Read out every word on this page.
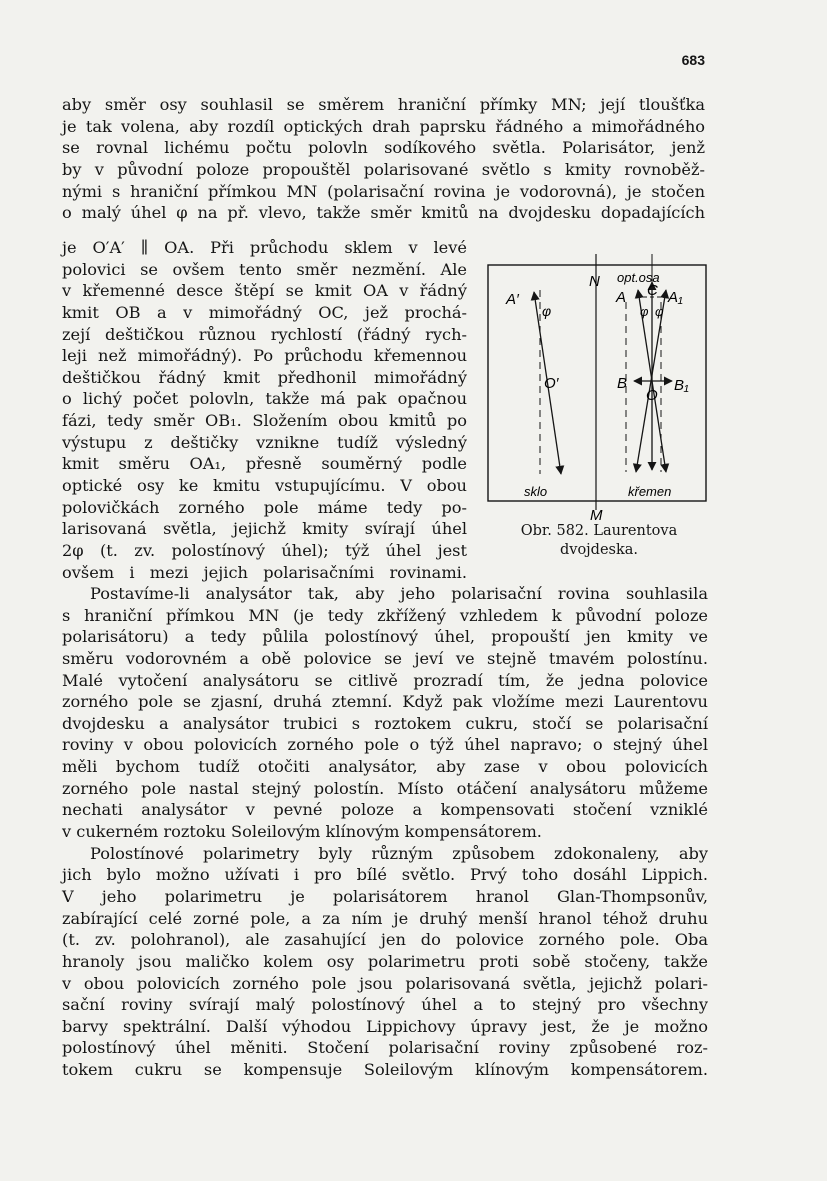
683
aby směr osy souhlasil se směrem hraniční přímky MN; její tloušťka
je tak volena, aby rozdíl optických drah paprsku řádného a mimořádného
se rovnal lichému počtu polovln sodíkového světla. Polarisátor, jenž
by v původní poloze propouštěl polarisované světlo s kmity rovnoběž-
nými s hraniční přímkou MN (polarisační rovina je vodorovná), je stočen
o malý úhel φ na př. vlevo, takže směr kmitů na dvojdesku dopadajících
je O′A′ ∥ OA. Při průchodu sklem v levé
polovici se ovšem tento směr nezmění. Ale
v křemenné desce štěpí se kmit OA v řádný
kmit OB a v mimořádný OC, jež prochá-
zejí deštičkou různou rychlostí (řádný rych-
leji než mimořádný). Po průchodu křemennou
deštičkou řádný kmit předhonil mimořádný
o lichý počet polovln, takže má pak opačnou
fázi, tedy směr OB₁. Složením obou kmitů po
výstupu z deštičky vznikne tudíž výsledný
kmit směru OA₁, přesně souměrný podle
optické osy ke kmitu vstupujícímu. V obou
polovičkách zorného pole máme tedy po-
larisovaná světla, jejichž kmity svírají úhel
2φ (t. zv. polostínový úhel); týž úhel jest
ovšem i mezi jejich polarisačními rovinami.
N opt.osa
M
sklo	křemen
A′
φ
O′
A C A₁
φ φ
B
O
B₁
Obr. 582. Laurentova
dvojdeska.
Postavíme-li analysátor tak, aby jeho polarisační rovina souhlasila
s hraniční přímkou MN (je tedy zkřížený vzhledem k původní poloze
polarisátoru) a tedy půlila polostínový úhel, propouští jen kmity ve
směru vodorovném a obě polovice se jeví ve stejně tmavém polostínu.
Malé vytočení analysátoru se citlivě prozradí tím, že jedna polovice
zorného pole se zjasní, druhá ztemní. Když pak vložíme mezi Laurentovu
dvojdesku a analysátor trubici s roztokem cukru, stočí se polarisační
roviny v obou polovicích zorného pole o týž úhel napravo; o stejný úhel
měli bychom tudíž otočiti analysátor, aby zase v obou polovicích
zorného pole nastal stejný polostín. Místo otáčení analysátoru můžeme
nechati analysátor v pevné poloze a kompensovati stočení vzniklé
v cukerném roztoku Soleilovým klínovým kompensátorem.
Polostínové polarimetry byly různým způsobem zdokonaleny, aby
jich bylo možno užívati i pro bílé světlo. Prvý toho dosáhl Lippich.
V jeho polarimetru je polarisátorem hranol Glan-Thompsonův,
zabírající celé zorné pole, a za ním je druhý menší hranol téhož druhu
(t. zv. polohranol), ale zasahující jen do polovice zorného pole. Oba
hranoly jsou maličko kolem osy polarimetru proti sobě stočeny, takže
v obou polovicích zorného pole jsou polarisovaná světla, jejichž polari-
sační roviny svírají malý polostínový úhel a to stejný pro všechny
barvy spektrální. Další výhodou Lippichovy úpravy jest, že je možno
polostínový úhel měniti. Stočení polarisační roviny způsobené roz-
tokem cukru se kompensuje Soleilovým klínovým kompensátorem.
